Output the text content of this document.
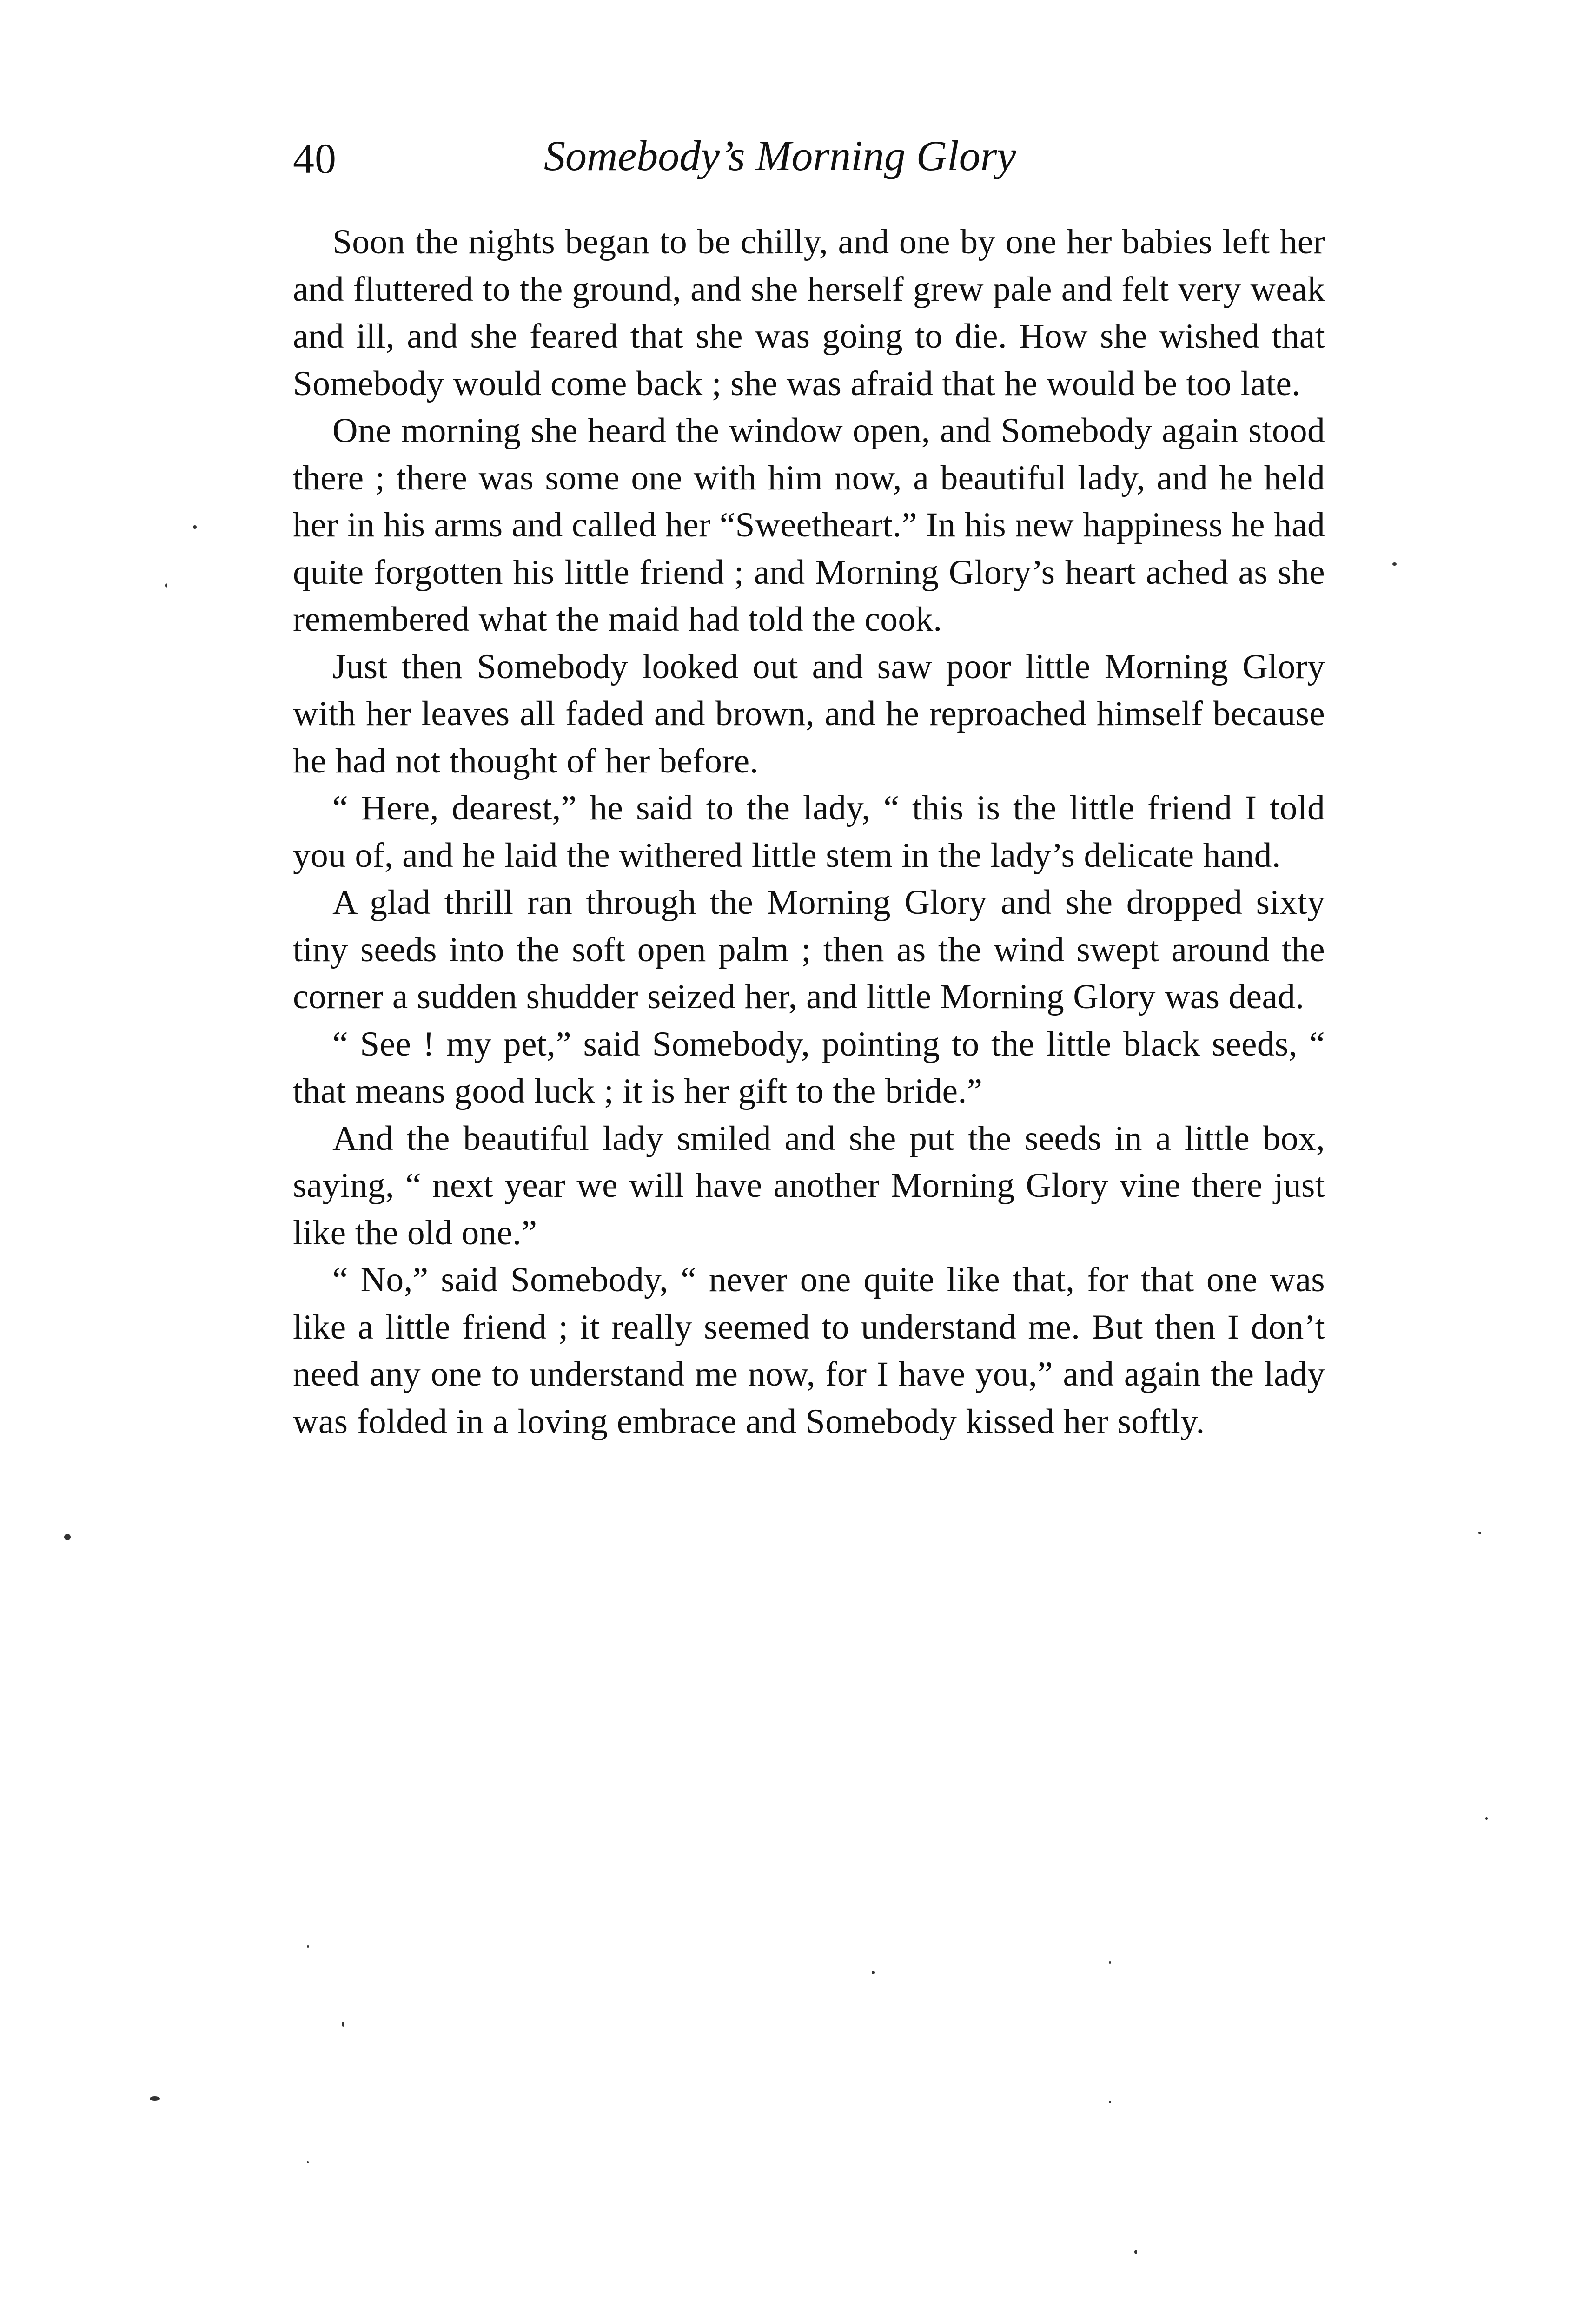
40	Somebody’s Morning Glory

Soon the nights began to be chilly, and one by one her babies left her and fluttered to the ground, and she herself grew pale and felt very weak and ill, and she feared that she was going to die. How she wished that Somebody would come back ; she was afraid that he would be too late.

One morning she heard the window open, and Somebody again stood there ; there was some one with him now, a beautiful lady, and he held her in his arms and called her “Sweetheart.” In his new happiness he had quite forgotten his little friend ; and Morning Glory’s heart ached as she remembered what the maid had told the cook.

Just then Somebody looked out and saw poor little Morning Glory with her leaves all faded and brown, and he reproached himself because he had not thought of her before.

“ Here, dearest,” he said to the lady, “ this is the little friend I told you of, and he laid the withered little stem in the lady’s delicate hand.

A glad thrill ran through the Morning Glory and she dropped sixty tiny seeds into the soft open palm ; then as the wind swept around the corner a sudden shudder seized her, and little Morning Glory was dead.

“ See ! my pet,” said Somebody, pointing to the little black seeds, “ that means good luck ; it is her gift to the bride.”

And the beautiful lady smiled and she put the seeds in a little box, saying, “ next year we will have another Morning Glory vine there just like the old one.”

“ No,” said Somebody, “ never one quite like that, for that one was like a little friend ; it really seemed to understand me. But then I don’t need any one to understand me now, for I have you,” and again the lady was folded in a loving embrace and Somebody kissed her softly.
